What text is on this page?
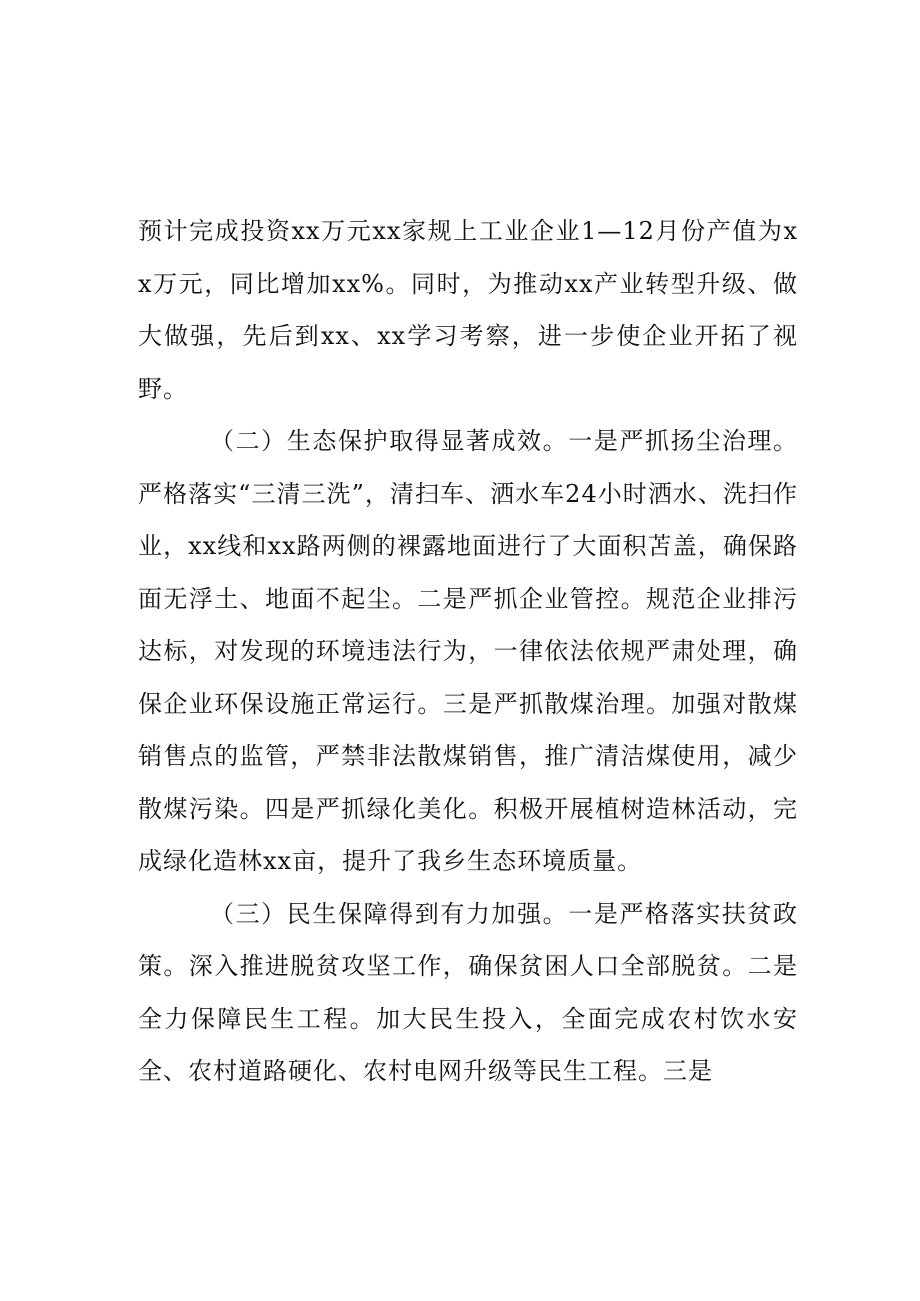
预计完成投资xx万元xx家规上工业企业1—12月份产值为xx万元，同比增加xx%。同时，为推动xx产业转型升级、做大做强，先后到xx、xx学习考察，进一步使企业开拓了视野。

（二）生态保护取得显著成效。一是严抓扬尘治理。严格落实“三清三洗”，清扫车、洒水车24小时洒水、洗扫作业，xx线和xx路两侧的裸露地面进行了大面积苫盖，确保路面无浮土、地面不起尘。二是严抓企业管控。规范企业排污达标，对发现的环境违法行为，一律依法依规严肃处理，确保企业环保设施正常运行。三是严抓散煤治理。加强对散煤销售点的监管，严禁非法散煤销售，推广清洁煤使用，减少散煤污染。四是严抓绿化美化。积极开展植树造林活动，完成绿化造林xx亩，提升了我乡生态环境质量。

（三）民生保障得到有力加强。一是严格落实扶贫政策。深入推进脱贫攻坚工作，确保贫困人口全部脱贫。二是全力保障民生工程。加大民生投入，全面完成农村饮水安全、农村道路硬化、农村电网升级等民生工程。三是
